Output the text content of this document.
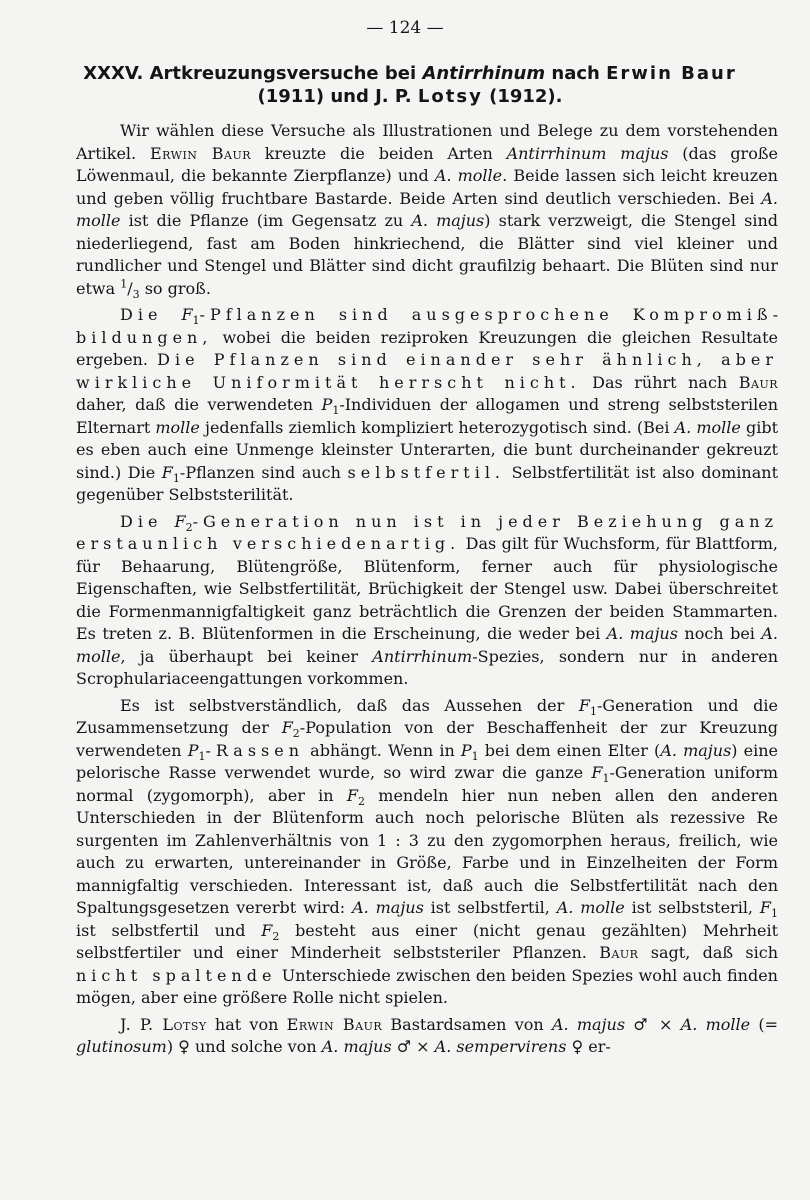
— 124 —
XXXV. Artkreuzungsversuche bei Antirrhinum nach Erwin Baur
(1911) und J. P. Lotsy (1912).

Wir wählen diese Versuche als Illustrationen und Belege zu dem vorstehenden Artikel. Erwin Baur kreuzte die beiden Arten Antirrhinum majus (das große Löwenmaul, die bekannte Zierpflanze) und A. molle. Beide lassen sich leicht kreuzen und geben völlig fruchtbare Bastarde. Beide Arten sind deutlich verschieden. Bei A. molle ist die Pflanze (im Gegensatz zu A. majus) stark verzweigt, die Stengel sind niederliegend, fast am Boden hinkriechend, die Blätter sind viel kleiner und rundlicher und Stengel und Blätter sind dicht graufilzig behaart. Die Blüten sind nur etwa $^1/_3$ so groß.

Die $F_1$-Pflanzen sind ausgesprochene Kompromißbildungen, wobei die beiden reziproken Kreuzungen die gleichen Resultate ergeben. Die Pflanzen sind einander sehr ähnlich, aber wirkliche Uniformität herrscht nicht. Das rührt nach Baur daher, daß die verwendeten $P_1$-Individuen der allogamen und streng selbststerilen Elternart molle jedenfalls ziemlich kompliziert heterozygotisch sind. (Bei A. molle gibt es eben auch eine Unmenge kleinster Unterarten, die bunt durcheinander gekreuzt sind.) Die $F_1$-Pflanzen sind auch selbstfertil. Selbstfertilität ist also dominant gegenüber Selbststerilität.

Die $F_2$-Generation nun ist in jeder Beziehung ganz erstaunlich verschiedenartig. Das gilt für Wuchsform, für Blattform, für Behaarung, Blütengröße, Blütenform, ferner auch für physiologische Eigenschaften, wie Selbstfertilität, Brüchigkeit der Stengel usw. Dabei überschreitet die Formenmannigfaltigkeit ganz beträchtlich die Grenzen der beiden Stammarten. Es treten z. B. Blütenformen in die Erscheinung, die weder bei A. majus noch bei A. molle, ja überhaupt bei keiner Antirrhinum-Spezies, sondern nur in anderen Scrophulariaceengattungen vorkommen.

Es ist selbstverständlich, daß das Aussehen der $F_1$-Generation und die Zusammensetzung der $F_2$-Population von der Beschaffenheit der zur Kreuzung verwendeten $P_1$-Rassen abhängt. Wenn in $P_1$ bei dem einen Elter (A. majus) eine pelorische Rasse verwendet wurde, so wird zwar die ganze $F_1$-Generation uniform normal (zygomorph), aber in $F_2$ mendeln hier nun neben allen den anderen Unterschieden in der Blütenform auch noch pelorische Blüten als rezessive Re surgenten im Zahlenverhältnis von 1 : 3 zu den zygomorphen heraus, freilich, wie auch zu erwarten, untereinander in Größe, Farbe und in Einzelheiten der Form mannigfaltig verschieden. Interessant ist, daß auch die Selbstfertilität nach den Spaltungsgesetzen vererbt wird: A. majus ist selbstfertil, A. molle ist selbststeril, $F_1$ ist selbstfertil und $F_2$ besteht aus einer (nicht genau gezählten) Mehrheit selbstfertiler und einer Minderheit selbststeriler Pflanzen. Baur sagt, daß sich nicht spaltende Unterschiede zwischen den beiden Spezies wohl auch finden mögen, aber eine größere Rolle nicht spielen.

J. P. Lotsy hat von Erwin Baur Bastardsamen von A. majus ♂ × A. molle (= glutinosum) ♀ und solche von A. majus ♂ × A. sempervirens ♀ er-
